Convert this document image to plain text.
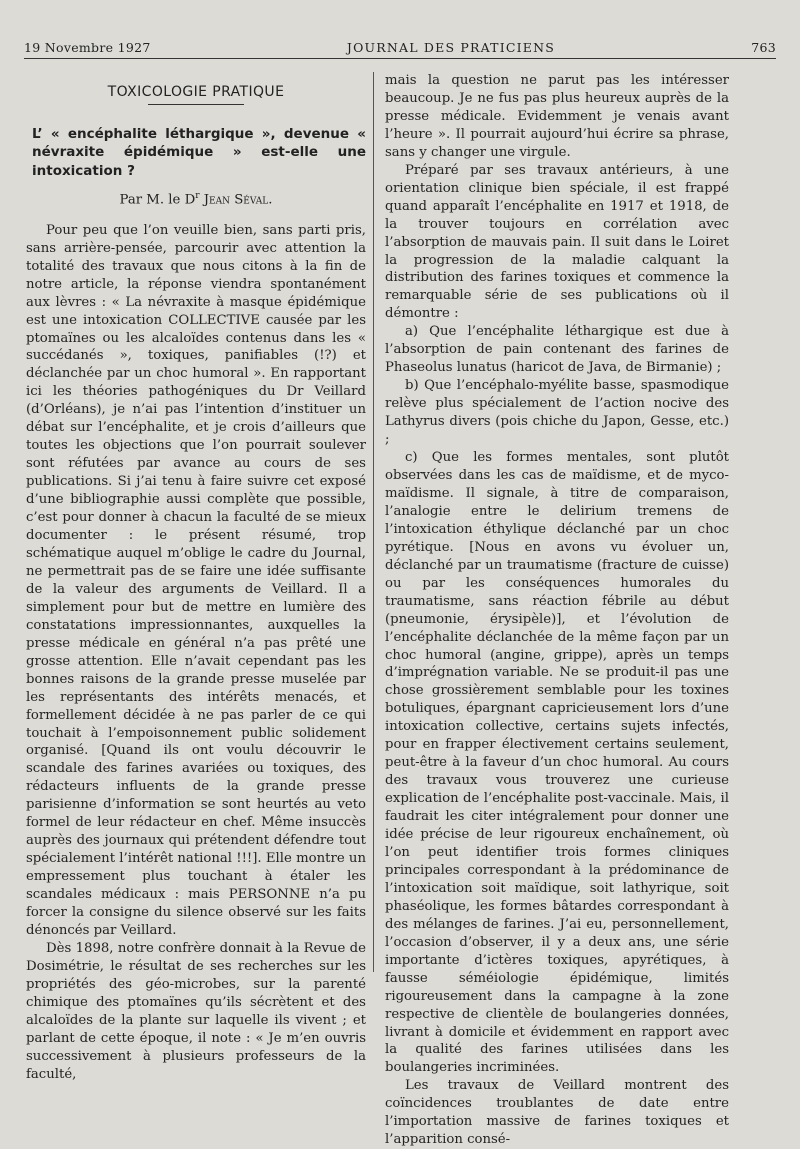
19 Novembre 1927	JOURNAL DES PRATICIENS	763
TOXICOLOGIE PRATIQUE
L’ « encéphalite léthargique », devenue « névraxite épidémique » est-elle une intoxication ?
Par M. le $D^r$ Jean Séval.

Pour peu que l’on veuille bien, sans parti pris, sans arrière-pensée, parcourir avec attention la totalité des travaux que nous citons à la fin de notre article, la réponse viendra spontanément aux lèvres : « La névraxite à masque épidémique est une intoxication COLLECTIVE causée par les ptomaïnes ou les alcaloïdes contenus dans les « succédanés », toxiques, panifiables (!?) et déclanchée par un choc humoral ». En rapportant ici les théories pathogéniques du Dr Veillard (d’Orléans), je n’ai pas l’intention d’instituer un débat sur l’encéphalite, et je crois d’ailleurs que toutes les objections que l’on pourrait soulever sont réfutées par avance au cours de ses publications. Si j’ai tenu à faire suivre cet exposé d’une bibliographie aussi complète que possible, c’est pour donner à chacun la faculté de se mieux documenter : le présent résumé, trop schématique auquel m’oblige le cadre du Journal, ne permettrait pas de se faire une idée suffisante de la valeur des arguments de Veillard. Il a simplement pour but de mettre en lumière des constatations impressionnantes, auxquelles la presse médicale en général n’a pas prêté une grosse attention. Elle n’avait cependant pas les bonnes raisons de la grande presse muselée par les représentants des intérêts menacés, et formellement décidée à ne pas parler de ce qui touchait à l’empoisonnement public solidement organisé. [Quand ils ont voulu découvrir le scandale des farines avariées ou toxiques, des rédacteurs influents de la grande presse parisienne d’information se sont heurtés au veto formel de leur rédacteur en chef. Même insuccès auprès des journaux qui prétendent défendre tout spécialement l’intérêt national !!!]. Elle montre un empressement plus touchant à étaler les scandales médicaux : mais PERSONNE n’a pu forcer la consigne du silence observé sur les faits dénoncés par Veillard.

Dès 1898, notre confrère donnait à la Revue de Dosimétrie, le résultat de ses recherches sur les propriétés des géo-microbes, sur la parenté chimique des ptomaïnes qu’ils sécrètent et des alcaloïdes de la plante sur laquelle ils vivent ; et parlant de cette époque, il note : « Je m’en ouvris successivement à plusieurs professeurs de la faculté,

mais la question ne parut pas les intéresser beaucoup. Je ne fus pas plus heureux auprès de la presse médicale. Evidemment je venais avant l’heure ». Il pourrait aujourd’hui écrire sa phrase, sans y changer une virgule.

Préparé par ses travaux antérieurs, à une orientation clinique bien spéciale, il est frappé quand apparaît l’encéphalite en 1917 et 1918, de la trouver toujours en corrélation avec l’absorption de mauvais pain. Il suit dans le Loiret la progression de la maladie calquant la distribution des farines toxiques et commence la remarquable série de ses publications où il démontre :

a) Que l’encéphalite léthargique est due à l’absorption de pain contenant des farines de Phaseolus lunatus (haricot de Java, de Birmanie) ;

b) Que l’encéphalo-myélite basse, spasmodique relève plus spécialement de l’action nocive des Lathyrus divers (pois chiche du Japon, Gesse, etc.) ;

c) Que les formes mentales, sont plutôt observées dans les cas de maïdisme, et de myco-maïdisme. Il signale, à titre de comparaison, l’analogie entre le delirium tremens de l’intoxication éthylique déclanché par un choc pyrétique. [Nous en avons vu évoluer un, déclanché par un traumatisme (fracture de cuisse) ou par les conséquences humorales du traumatisme, sans réaction fébrile au début (pneumonie, érysipèle)], et l’évolution de l’encéphalite déclanchée de la même façon par un choc humoral (angine, grippe), après un temps d’imprégnation variable. Ne se produit-il pas une chose grossièrement semblable pour les toxines botuliques, épargnant capricieusement lors d’une intoxication collective, certains sujets infectés, pour en frapper électivement certains seulement, peut-être à la faveur d’un choc humoral. Au cours des travaux vous trouverez une curieuse explication de l’encéphalite post-vaccinale. Mais, il faudrait les citer intégralement pour donner une idée précise de leur rigoureux enchaînement, où l’on peut identifier trois formes cliniques principales correspondant à la prédominance de l’intoxication soit maïdique, soit lathyrique, soit phaséolique, les formes bâtardes correspondant à des mélanges de farines. J’ai eu, personnellement, l’occasion d’observer, il y a deux ans, une série importante d’ictères toxiques, apyrétiques, à fausse séméiologie épidémique, limités rigoureusement dans la campagne à la zone respective de clientèle de boulangeries données, livrant à domicile et évidemment en rapport avec la qualité des farines utilisées dans les boulangeries incriminées.

Les travaux de Veillard montrent des coïncidences troublantes de date entre l’importation massive de farines toxiques et l’apparition consé-
